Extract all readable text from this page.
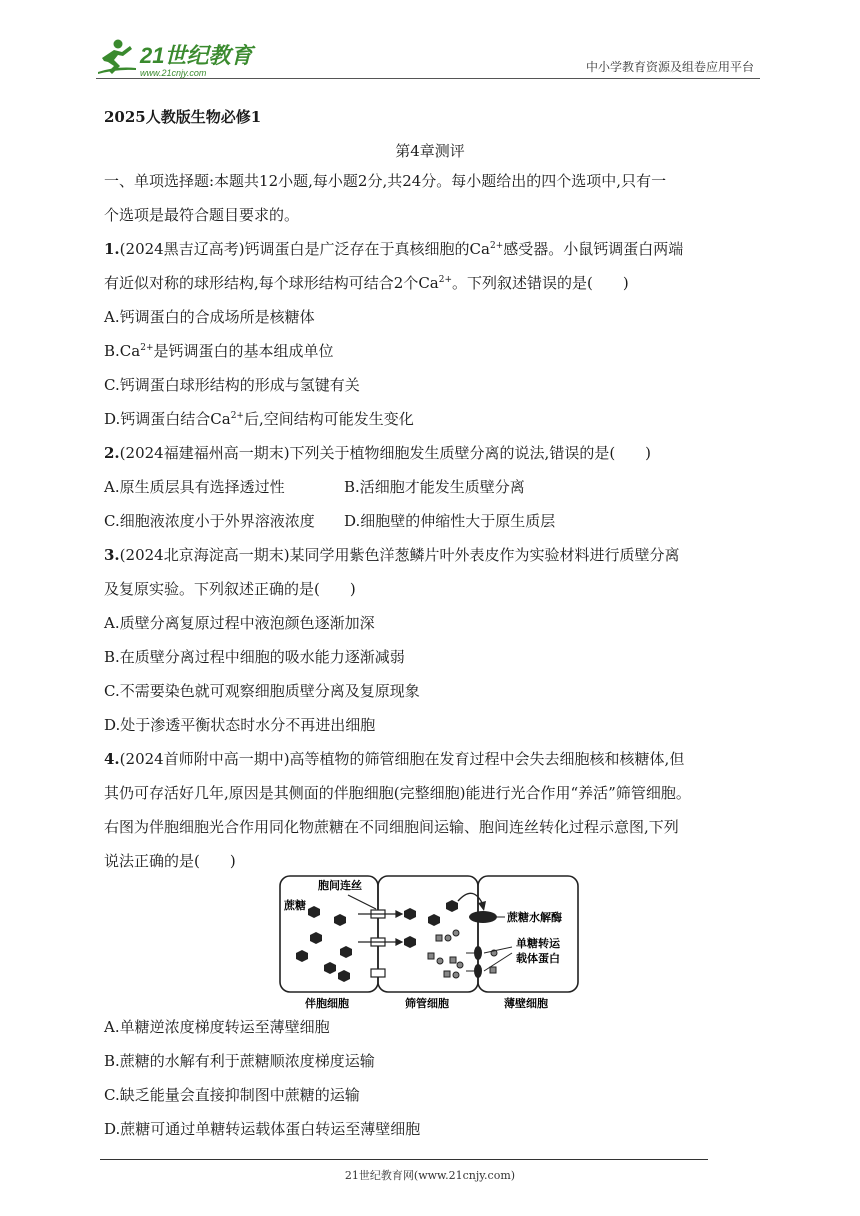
21世纪教育
www.21cnjy.com	中小学教育资源及组卷应用平台
2025人教版生物必修1
第4章测评
一、单项选择题:本题共12小题,每小题2分,共24分。每小题给出的四个选项中,只有一
个选项是最符合题目要求的。
1.(2024黑吉辽高考)钙调蛋白是广泛存在于真核细胞的$Ca^{2+}$感受器。小鼠钙调蛋白两端
有近似对称的球形结构,每个球形结构可结合2个$Ca^{2+}$。下列叙述错误的是(　　)
A.钙调蛋白的合成场所是核糖体
$B.Ca^{2+}$是钙调蛋白的基本组成单位
C.钙调蛋白球形结构的形成与氢键有关
D.钙调蛋白结合$Ca^{2+}$后,空间结构可能发生变化
2.(2024福建福州高一期末)下列关于植物细胞发生质壁分离的说法,错误的是(　　)
A.原生质层具有选择透过性	B.活细胞才能发生质壁分离
C.细胞液浓度小于外界溶液浓度 D.细胞壁的伸缩性大于原生质层
3.(2024北京海淀高一期末)某同学用紫色洋葱鳞片叶外表皮作为实验材料进行质壁分离
及复原实验。下列叙述正确的是(　　)
A.质壁分离复原过程中液泡颜色逐渐加深
B.在质壁分离过程中细胞的吸水能力逐渐减弱
C.不需要染色就可观察细胞质壁分离及复原现象
D.处于渗透平衡状态时水分不再进出细胞
4.(2024首师附中高一期中)高等植物的筛管细胞在发育过程中会失去细胞核和核糖体,但
其仍可存活好几年,原因是其侧面的伴胞细胞(完整细胞)能进行光合作用“养活”筛管细胞。
右图为伴胞细胞光合作用同化物蔗糖在不同细胞间运输、胞间连丝转化过程示意图,下列
说法正确的是(　　)
胞间连丝
蔗糖
蔗糖水解酶
单糖转运
载体蛋白
伴胞细胞	筛管细胞	薄壁细胞
A.单糖逆浓度梯度转运至薄壁细胞
B.蔗糖的水解有利于蔗糖顺浓度梯度运输
C.缺乏能量会直接抑制图中蔗糖的运输
D.蔗糖可通过单糖转运载体蛋白转运至薄壁细胞
21世纪教育网(www.21cnjy.com)
